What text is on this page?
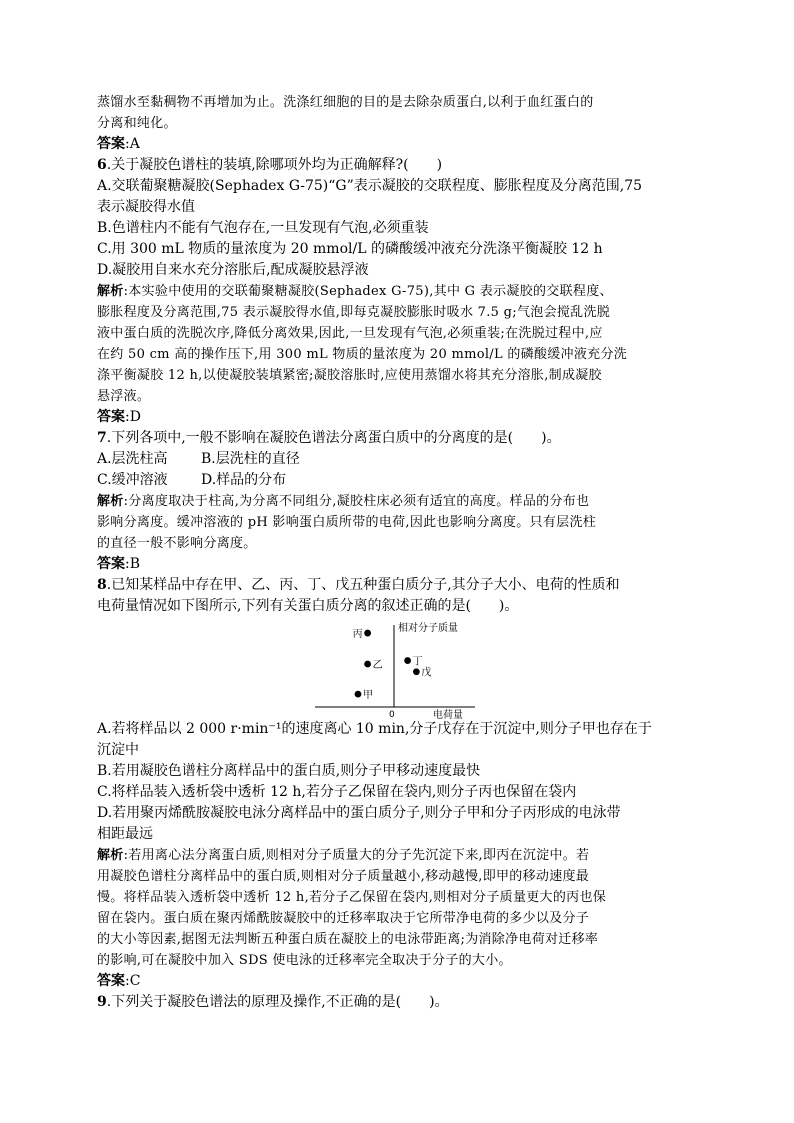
蒸馏水至黏稠物不再增加为止。洗涤红细胞的目的是去除杂质蛋白,以利于血红蛋白的
分离和纯化。
答案:A
6.关于凝胶色谱柱的装填,除哪项外均为正确解释?(　　)
A.交联葡聚糖凝胶(Sephadex G-75)“G”表示凝胶的交联程度、膨胀程度及分离范围,75
表示凝胶得水值
B.色谱柱内不能有气泡存在,一旦发现有气泡,必须重装
C.用 300 mL 物质的量浓度为 20 mmol/L 的磷酸缓冲液充分洗涤平衡凝胶 12 h
D.凝胶用自来水充分溶胀后,配成凝胶悬浮液
解析:本实验中使用的交联葡聚糖凝胶(Sephadex G-75),其中 G 表示凝胶的交联程度、
膨胀程度及分离范围,75 表示凝胶得水值,即每克凝胶膨胀时吸水 7.5 g;气泡会搅乱洗脱
液中蛋白质的洗脱次序,降低分离效果,因此,一旦发现有气泡,必须重装;在洗脱过程中,应
在约 50 cm 高的操作压下,用 300 mL 物质的量浓度为 20 mmol/L 的磷酸缓冲液充分洗
涤平衡凝胶 12 h,以使凝胶装填紧密;凝胶溶胀时,应使用蒸馏水将其充分溶胀,制成凝胶
悬浮液。
答案:D
7.下列各项中,一般不影响在凝胶色谱法分离蛋白质中的分离度的是(　　)。
A.层洗柱高 B.层洗柱的直径
C.缓冲溶液 D.样品的分布
解析:分离度取决于柱高,为分离不同组分,凝胶柱床必须有适宜的高度。样品的分布也
影响分离度。缓冲溶液的 pH 影响蛋白质所带的电荷,因此也影响分离度。只有层洗柱
的直径一般不影响分离度。
答案:B
8.已知某样品中存在甲、乙、丙、丁、戊五种蛋白质分子,其分子大小、电荷的性质和
电荷量情况如下图所示,下列有关蛋白质分离的叙述正确的是(　　)。
相对分子质量
电荷量
0
丙
乙	丁
戊
甲
A.若将样品以 2 000 r·min⁻¹的速度离心 10 min,分子戊存在于沉淀中,则分子甲也存在于
沉淀中
B.若用凝胶色谱柱分离样品中的蛋白质,则分子甲移动速度最快
C.将样品装入透析袋中透析 12 h,若分子乙保留在袋内,则分子丙也保留在袋内
D.若用聚丙烯酰胺凝胶电泳分离样品中的蛋白质分子,则分子甲和分子丙形成的电泳带
相距最远
解析:若用离心法分离蛋白质,则相对分子质量大的分子先沉淀下来,即丙在沉淀中。若
用凝胶色谱柱分离样品中的蛋白质,则相对分子质量越小,移动越慢,即甲的移动速度最
慢。将样品装入透析袋中透析 12 h,若分子乙保留在袋内,则相对分子质量更大的丙也保
留在袋内。蛋白质在聚丙烯酰胺凝胶中的迁移率取决于它所带净电荷的多少以及分子
的大小等因素,据图无法判断五种蛋白质在凝胶上的电泳带距离;为消除净电荷对迁移率
的影响,可在凝胶中加入 SDS 使电泳的迁移率完全取决于分子的大小。
答案:C
9.下列关于凝胶色谱法的原理及操作,不正确的是(　　)。
